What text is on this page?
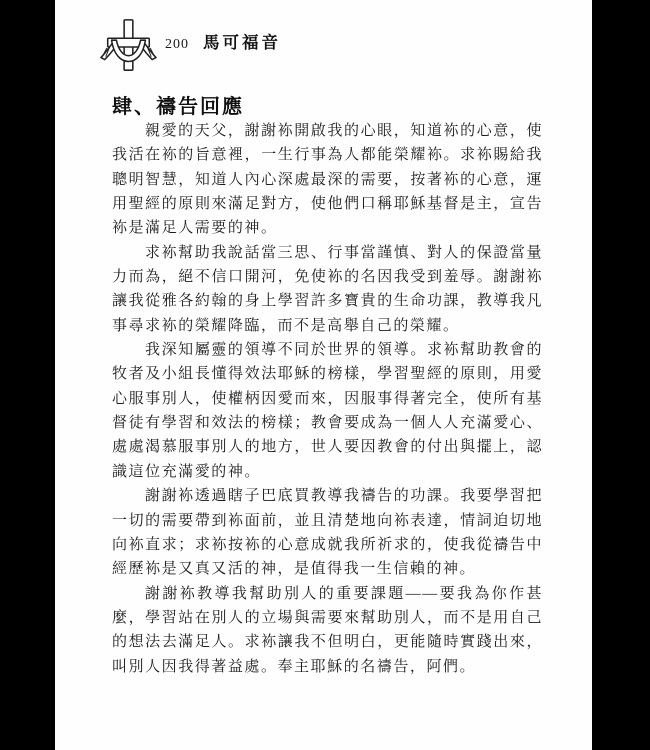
200 馬可福音
肆、禱告回應
親愛的天父，謝謝袮開啟我的心眼，知道袮的心意，使
我活在袮的旨意裡，一生行事為人都能榮耀袮。求袮賜給我
聰明智慧，知道人內心深處最深的需要，按著袮的心意，運
用聖經的原則來滿足對方，使他們口稱耶穌基督是主，宣告
袮是滿足人需要的神。
求袮幫助我說話當三思、行事當謹慎、對人的保證當量
力而為，絕不信口開河，免使袮的名因我受到羞辱。謝謝袮
讓我從雅各約翰的身上學習許多寶貴的生命功課，教導我凡
事尋求袮的榮耀降臨，而不是高舉自己的榮耀。
我深知屬靈的領導不同於世界的領導。求袮幫助教會的
牧者及小組長懂得效法耶穌的榜樣，學習聖經的原則，用愛
心服事別人，使權柄因愛而來，因服事得著完全，使所有基
督徒有學習和效法的榜樣；教會要成為一個人人充滿愛心、
處處渴慕服事別人的地方，世人要因教會的付出與擺上，認
識這位充滿愛的神。
謝謝袮透過瞎子巴底買教導我禱告的功課。我要學習把
一切的需要帶到袮面前，並且清楚地向袮表達，情詞迫切地
向袮直求；求袮按袮的心意成就我所祈求的，使我從禱告中
經歷袮是又真又活的神，是值得我一生信賴的神。
謝謝袮教導我幫助別人的重要課題——要我為你作甚
麼，學習站在別人的立場與需要來幫助別人，而不是用自己
的想法去滿足人。求袮讓我不但明白，更能隨時實踐出來，
叫別人因我得著益處。奉主耶穌的名禱告，阿們。
